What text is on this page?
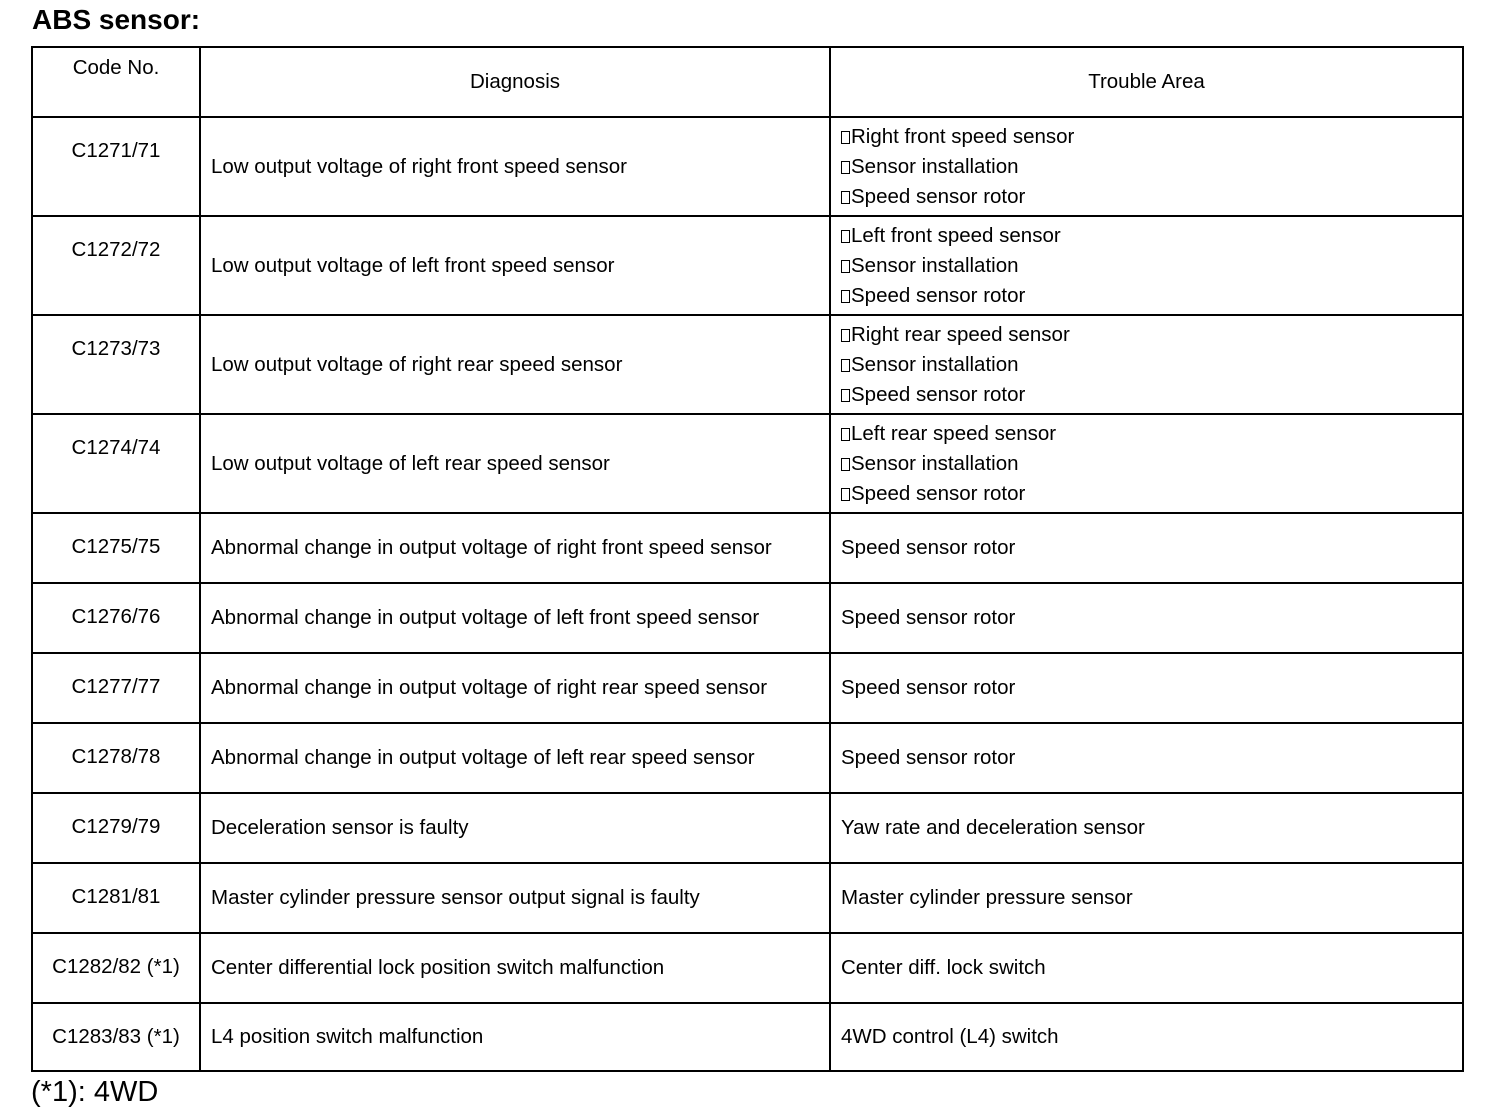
ABS sensor:
Code No.	Diagnosis	Trouble Area
C1271/71	Low output voltage of right front speed sensor	Right front speed sensor
Sensor installation
Speed sensor rotor

C1272/72	Low output voltage of left front speed sensor	Left front speed sensor
Sensor installation
Speed sensor rotor

C1273/73	Low output voltage of right rear speed sensor	Right rear speed sensor
Sensor installation
Speed sensor rotor

C1274/74	Low output voltage of left rear speed sensor	Left rear speed sensor
Sensor installation
Speed sensor rotor

C1275/75	Abnormal change in output voltage of right front speed sensor	Speed sensor rotor
C1276/76	Abnormal change in output voltage of left front speed sensor	Speed sensor rotor
C1277/77	Abnormal change in output voltage of right rear speed sensor	Speed sensor rotor
C1278/78	Abnormal change in output voltage of left rear speed sensor	Speed sensor rotor
C1279/79	Deceleration sensor is faulty	Yaw rate and deceleration sensor
C1281/81	Master cylinder pressure sensor output signal is faulty	Master cylinder pressure sensor
C1282/82 (*1)	Center differential lock position switch malfunction	Center diff. lock switch
C1283/83 (*1)	L4 position switch malfunction	4WD control (L4) switch
(*1): 4WD
